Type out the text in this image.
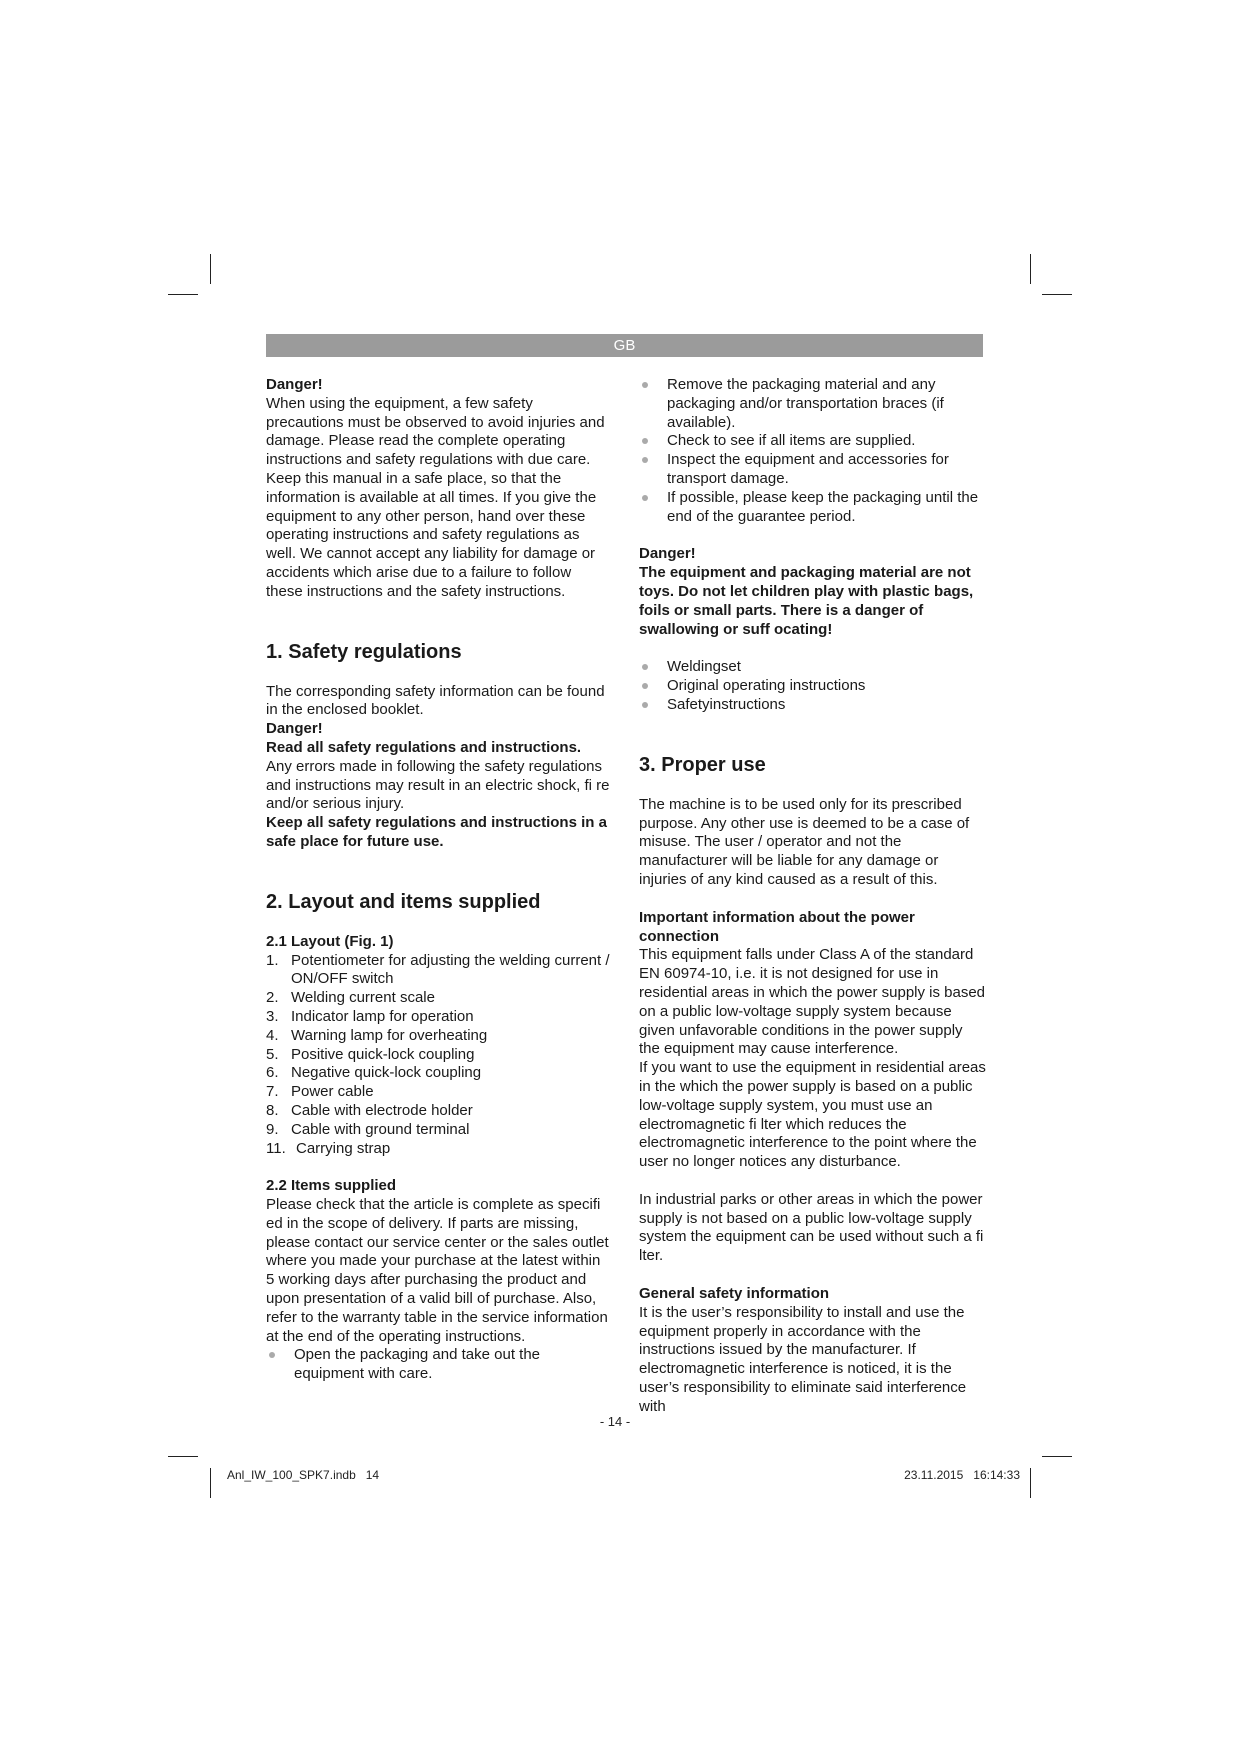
GB

Danger!

When using the equipment, a few safety precautions must be observed to avoid injuries and damage. Please read the complete operating instructions and safety regulations with due care. Keep this manual in a safe place, so that the information is available at all times. If you give the equipment to any other person, hand over these operating instructions and safety regulations as well. We cannot accept any liability for damage or accidents which arise due to a failure to follow these instructions and the safety instructions.

1. Safety regulations

The corresponding safety information can be found in the enclosed booklet.

Danger!

Read all safety regulations and instructions.

Any errors made in following the safety regulations and instructions may result in an electric shock, fi re and/or serious injury.

Keep all safety regulations and instructions in a safe place for future use.

2. Layout and items supplied

2.1 Layout (Fig. 1)

1. Potentiometer for adjusting the welding current / ON/OFF switch
2. Welding current scale
3. Indicator lamp for operation
4. Warning lamp for overheating
5. Positive quick-lock coupling
6. Negative quick-lock coupling
7. Power cable
8. Cable with electrode holder
9. Cable with ground terminal
11. Carrying strap

2.2 Items supplied

Please check that the article is complete as specifi ed in the scope of delivery. If parts are missing, please contact our service center or the sales outlet where you made your purchase at the latest within 5 working days after purchasing the product and upon presentation of a valid bill of purchase. Also, refer to the warranty table in the service information at the end of the operating instructions.

Open the packaging and take out the equipment with care.
Remove the packaging material and any packaging and/or transportation braces (if available).
Check to see if all items are supplied.
Inspect the equipment and accessories for transport damage.
If possible, please keep the packaging until the end of the guarantee period.

Danger!

The equipment and packaging material are not toys. Do not let children play with plastic bags, foils or small parts. There is a danger of swallowing or suff ocating!

Weldingset
Original operating instructions
Safetyinstructions
3. Proper use

The machine is to be used only for its prescribed purpose. Any other use is deemed to be a case of misuse. The user / operator and not the manufacturer will be liable for any damage or injuries of any kind caused as a result of this.

Important information about the power connection

This equipment falls under Class A of the standard EN 60974-10, i.e. it is not designed for use in residential areas in which the power supply is based on a public low-voltage supply system because given unfavorable conditions in the power supply the equipment may cause interference.

If you want to use the equipment in residential areas in the which the power supply is based on a public low-voltage supply system, you must use an electromagnetic fi lter which reduces the electromagnetic interference to the point where the user no longer notices any disturbance.

In industrial parks or other areas in which the power supply is not based on a public low-voltage supply system the equipment can be used without such a fi lter.

General safety information

It is the user’s responsibility to install and use the equipment properly in accordance with the instructions issued by the manufacturer. If electromagnetic interference is noticed, it is the user’s responsibility to eliminate said interference with

- 14 -
Anl_IW_100_SPK7.indb   14	23.11.2015   16:14:33
